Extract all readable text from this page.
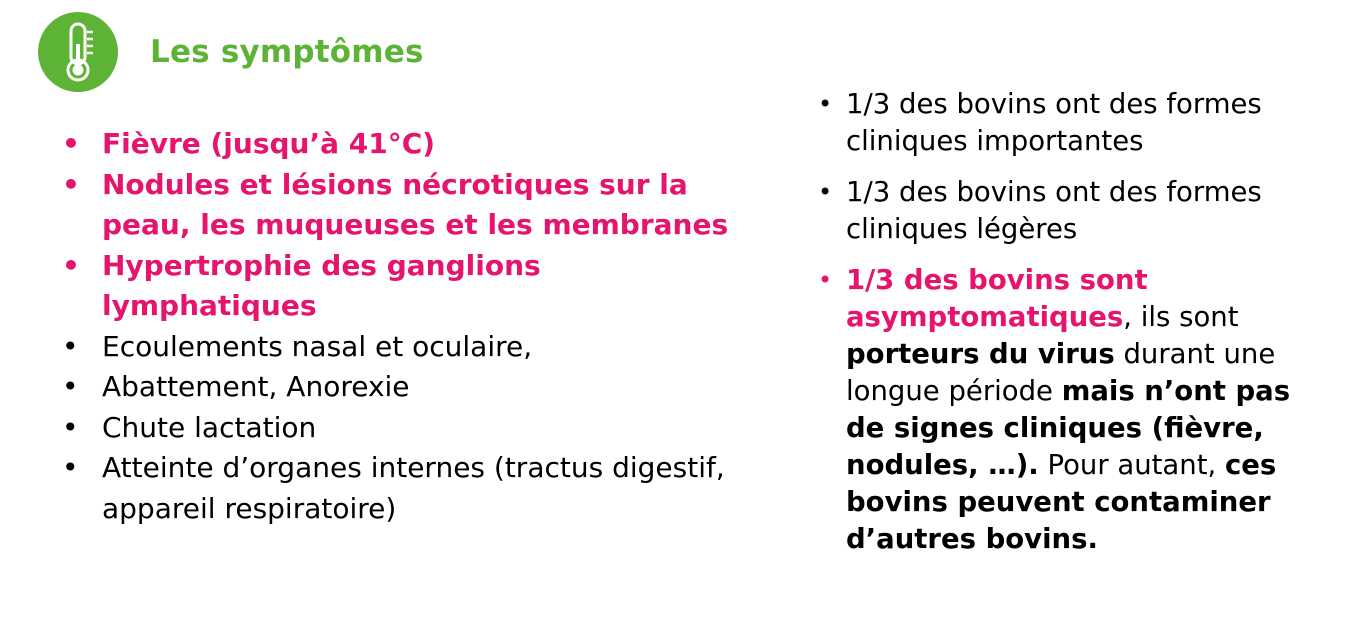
Les symptômes
• Fièvre (jusqu’à 41°C)
• Nodules et lésions nécrotiques sur la peau, les muqueuses et les membranes
• Hypertrophie des ganglions lymphatiques
• Ecoulements nasal et oculaire,
• Abattement, Anorexie
• Chute lactation
• Atteinte d’organes internes (tractus digestif, appareil respiratoire)
• 1/3 des bovins ont des formes cliniques importantes
• 1/3 des bovins ont des formes cliniques légères
• 1/3 des bovins sont asymptomatiques, ils sont porteurs du virus durant une longue période mais n’ont pas de signes cliniques (fièvre, nodules, …). Pour autant, ces bovins peuvent contaminer d’autres bovins.
